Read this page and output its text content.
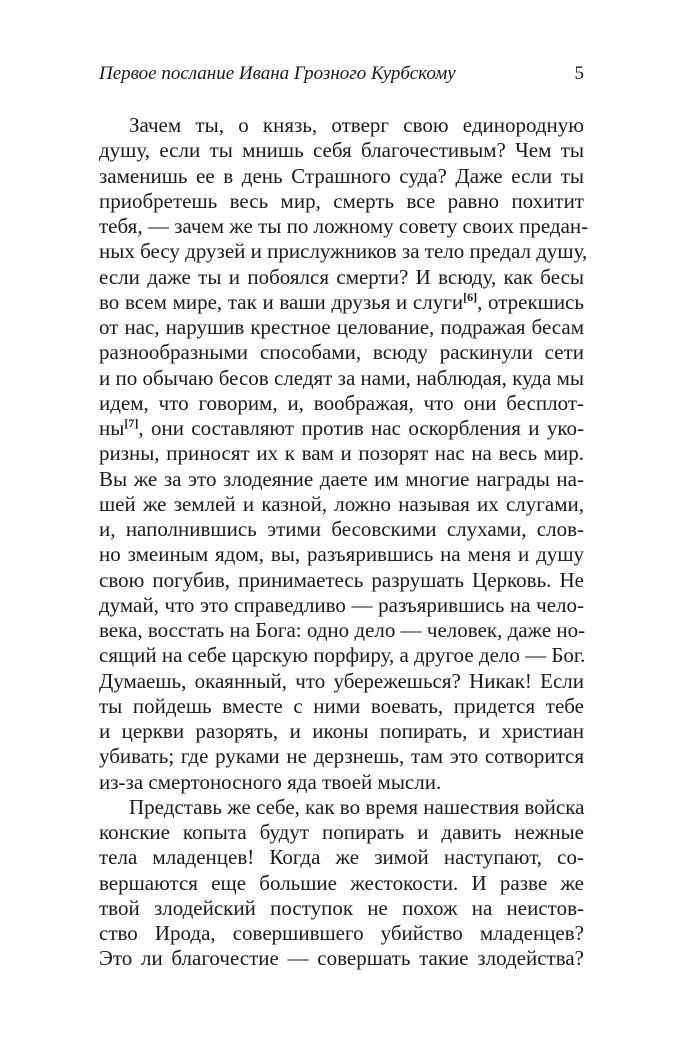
Первое послание Ивана Грозного Курбскому	5
Зачем ты, о князь, отверг свою единородную
душу, если ты мнишь себя благочестивым? Чем ты
заменишь ее в день Страшного суда? Даже если ты
приобретешь весь мир, смерть все равно похитит
тебя, — зачем же ты по ложному совету своих предан-
ных бесу друзей и прислужников за тело предал душу,
если даже ты и побоялся смерти? И всюду, как бесы
во всем мире, так и ваши друзья и слуги[6], отрекшись
от нас, нарушив крестное целование, подражая бесам
разнообразными способами, всюду раскинули сети
и по обычаю бесов следят за нами, наблюдая, куда мы
идем, что говорим, и, воображая, что они бесплот-
ны[7], они составляют против нас оскорбления и уко-
ризны, приносят их к вам и позорят нас на весь мир.
Вы же за это злодеяние даете им многие награды на-
шей же землей и казной, ложно называя их слугами,
и, наполнившись этими бесовскими слухами, слов-
но змеиным ядом, вы, разъярившись на меня и душу
свою погубив, принимаетесь разрушать Церковь. Не
думай, что это справедливо — разъярившись на чело-
века, восстать на Бога: одно дело — человек, даже но-
сящий на себе царскую порфиру, а другое дело — Бог.
Думаешь, окаянный, что убережешься? Никак! Если
ты пойдешь вместе с ними воевать, придется тебе
и церкви разорять, и иконы попирать, и христиан
убивать; где руками не дерзнешь, там это сотворится
из-за смертоносного яда твоей мысли.
Представь же себе, как во время нашествия войска
конские копыта будут попирать и давить нежные
тела младенцев! Когда же зимой наступают, со-
вершаются еще большие жестокости. И разве же
твой злодейский поступок не похож на неистов-
ство Ирода, совершившего убийство младенцев?
Это ли благочестие — совершать такие злодейства?
